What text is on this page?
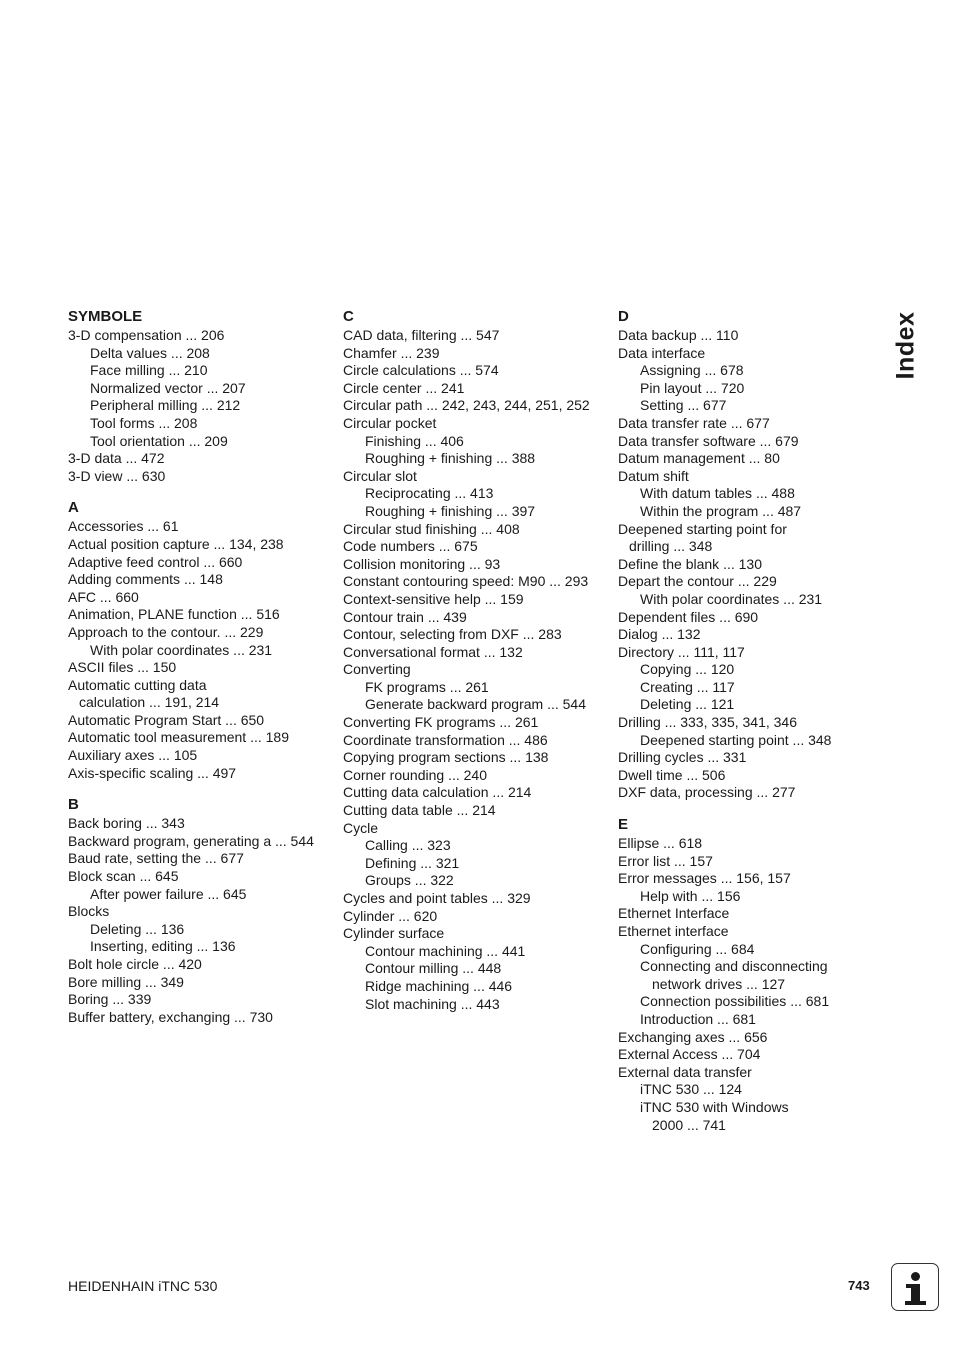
Index
SYMBOLE
3-D compensation ... 206
Delta values ... 208
Face milling ... 210
Normalized vector ... 207
Peripheral milling ... 212
Tool forms ... 208
Tool orientation ... 209
3-D data ... 472
3-D view ... 630
A
Accessories ... 61
Actual position capture ... 134, 238
Adaptive feed control ... 660
Adding comments ... 148
AFC ... 660
Animation, PLANE function ... 516
Approach to the contour. ... 229
With polar coordinates ... 231
ASCII files ... 150
Automatic cutting data
calculation ... 191, 214
Automatic Program Start ... 650
Automatic tool measurement ... 189
Auxiliary axes ... 105
Axis-specific scaling ... 497
B
Back boring ... 343
Backward program, generating a ... 544
Baud rate, setting the ... 677
Block scan ... 645
After power failure ... 645
Blocks
Deleting ... 136
Inserting, editing ... 136
Bolt hole circle ... 420
Bore milling ... 349
Boring ... 339
Buffer battery, exchanging ... 730
C
CAD data, filtering ... 547
Chamfer ... 239
Circle calculations ... 574
Circle center ... 241
Circular path ... 242, 243, 244, 251, 252
Circular pocket
Finishing ... 406
Roughing + finishing ... 388
Circular slot
Reciprocating ... 413
Roughing + finishing ... 397
Circular stud finishing ... 408
Code numbers ... 675
Collision monitoring ... 93
Constant contouring speed: M90 ... 293
Context-sensitive help ... 159
Contour train ... 439
Contour, selecting from DXF ... 283
Conversational format ... 132
Converting
FK programs ... 261
Generate backward program ... 544
Converting FK programs ... 261
Coordinate transformation ... 486
Copying program sections ... 138
Corner rounding ... 240
Cutting data calculation ... 214
Cutting data table ... 214
Cycle
Calling ... 323
Defining ... 321
Groups ... 322
Cycles and point tables ... 329
Cylinder ... 620
Cylinder surface
Contour machining ... 441
Contour milling ... 448
Ridge machining ... 446
Slot machining ... 443
D
Data backup ... 110
Data interface
Assigning ... 678
Pin layout ... 720
Setting ... 677
Data transfer rate ... 677
Data transfer software ... 679
Datum management ... 80
Datum shift
With datum tables ... 488
Within the program ... 487
Deepened starting point for
drilling ... 348
Define the blank ... 130
Depart the contour ... 229
With polar coordinates ... 231
Dependent files ... 690
Dialog ... 132
Directory ... 111, 117
Copying ... 120
Creating ... 117
Deleting ... 121
Drilling ... 333, 335, 341, 346
Deepened starting point ... 348
Drilling cycles ... 331
Dwell time ... 506
DXF data, processing ... 277
E
Ellipse ... 618
Error list ... 157
Error messages ... 156, 157
Help with ... 156
Ethernet Interface
Ethernet interface
Configuring ... 684
Connecting and disconnecting
network drives ... 127
Connection possibilities ... 681
Introduction ... 681
Exchanging axes ... 656
External Access ... 704
External data transfer
iTNC 530 ... 124
iTNC 530 with Windows
2000 ... 741
HEIDENHAIN iTNC 530	743
